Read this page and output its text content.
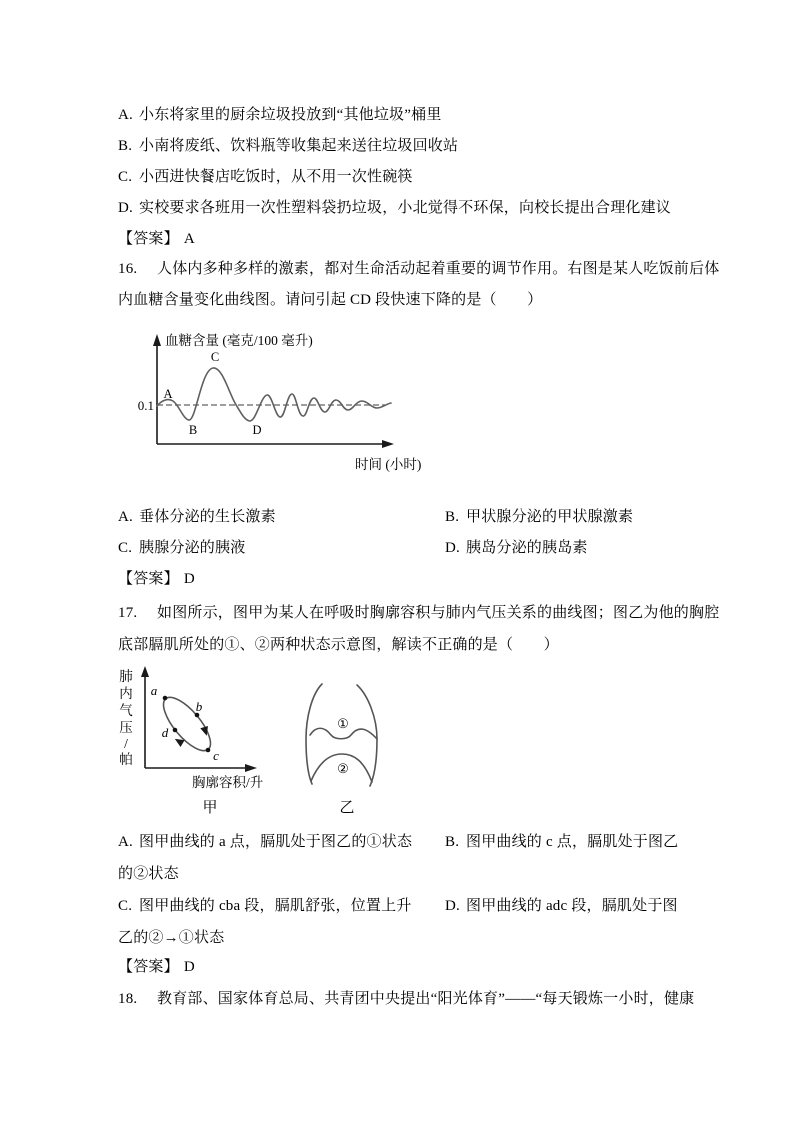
A. 小东将家里的厨余垃圾投放到“其他垃圾”桶里
B. 小南将废纸、饮料瓶等收集起来送往垃圾回收站
C. 小西进快餐店吃饭时，从不用一次性碗筷
D. 实校要求各班用一次性塑料袋扔垃圾，小北觉得不环保，向校长提出合理化建议
【答案】 A
16. 人体内多种多样的激素，都对生命活动起着重要的调节作用。右图是某人吃饭前后体
内血糖含量变化曲线图。请问引起 CD 段快速下降的是（　　）
血糖含量 (毫克/100 毫升)
0.1
A
B
C
D
时间 (小时)
A. 垂体分泌的生长激素	B. 甲状腺分泌的甲状腺激素
C. 胰腺分泌的胰液	D. 胰岛分泌的胰岛素
【答案】 D
17. 如图所示，图甲为某人在呼吸时胸廓容积与肺内气压关系的曲线图；图乙为他的胸腔
底部膈肌所处的①、②两种状态示意图，解读不正确的是（　　）
肺
内
气
压
/
帕
a
b
c
d
胸廓容积/升
甲
①
②
乙
A. 图甲曲线的 a 点，膈肌处于图乙的①状态 B. 图甲曲线的 c 点，膈肌处于图乙
的②状态
C. 图甲曲线的 cba 段，膈肌舒张，位置上升 D. 图甲曲线的 adc 段，膈肌处于图
乙的②→①状态
【答案】 D
18. 教育部、国家体育总局、共青团中央提出“阳光体育”——“每天锻炼一小时，健康
